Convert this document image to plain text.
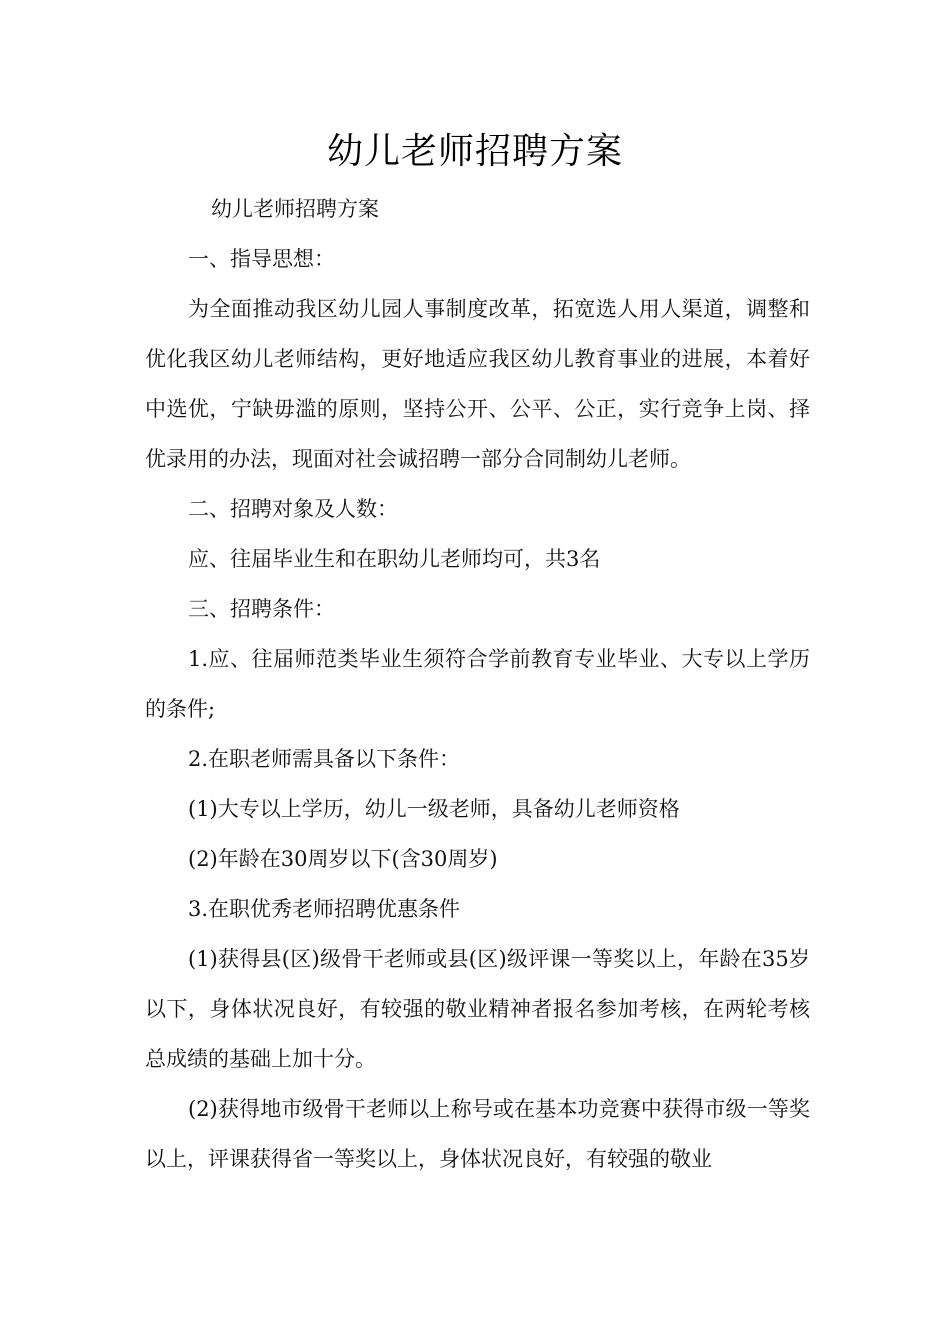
幼儿老师招聘方案

幼儿老师招聘方案

一、指导思想：

为全面推动我区幼儿园人事制度改革，拓宽选人用人渠道，调整和优化我区幼儿老师结构，更好地适应我区幼儿教育事业的进展，本着好中选优，宁缺毋滥的原则，坚持公开、公平、公正，实行竞争上岗、择优录用的办法，现面对社会诚招聘一部分合同制幼儿老师。

二、招聘对象及人数：

应、往届毕业生和在职幼儿老师均可，共3名

三、招聘条件：

1.应、往届师范类毕业生须符合学前教育专业毕业、大专以上学历的条件;

2.在职老师需具备以下条件：

(1)大专以上学历，幼儿一级老师，具备幼儿老师资格

(2)年龄在30周岁以下(含30周岁)

3.在职优秀老师招聘优惠条件

(1)获得县(区)级骨干老师或县(区)级评课一等奖以上，年龄在35岁以下，身体状况良好，有较强的敬业精神者报名参加考核，在两轮考核总成绩的基础上加十分。

(2)获得地市级骨干老师以上称号或在基本功竞赛中获得市级一等奖以上，评课获得省一等奖以上，身体状况良好，有较强的敬业
